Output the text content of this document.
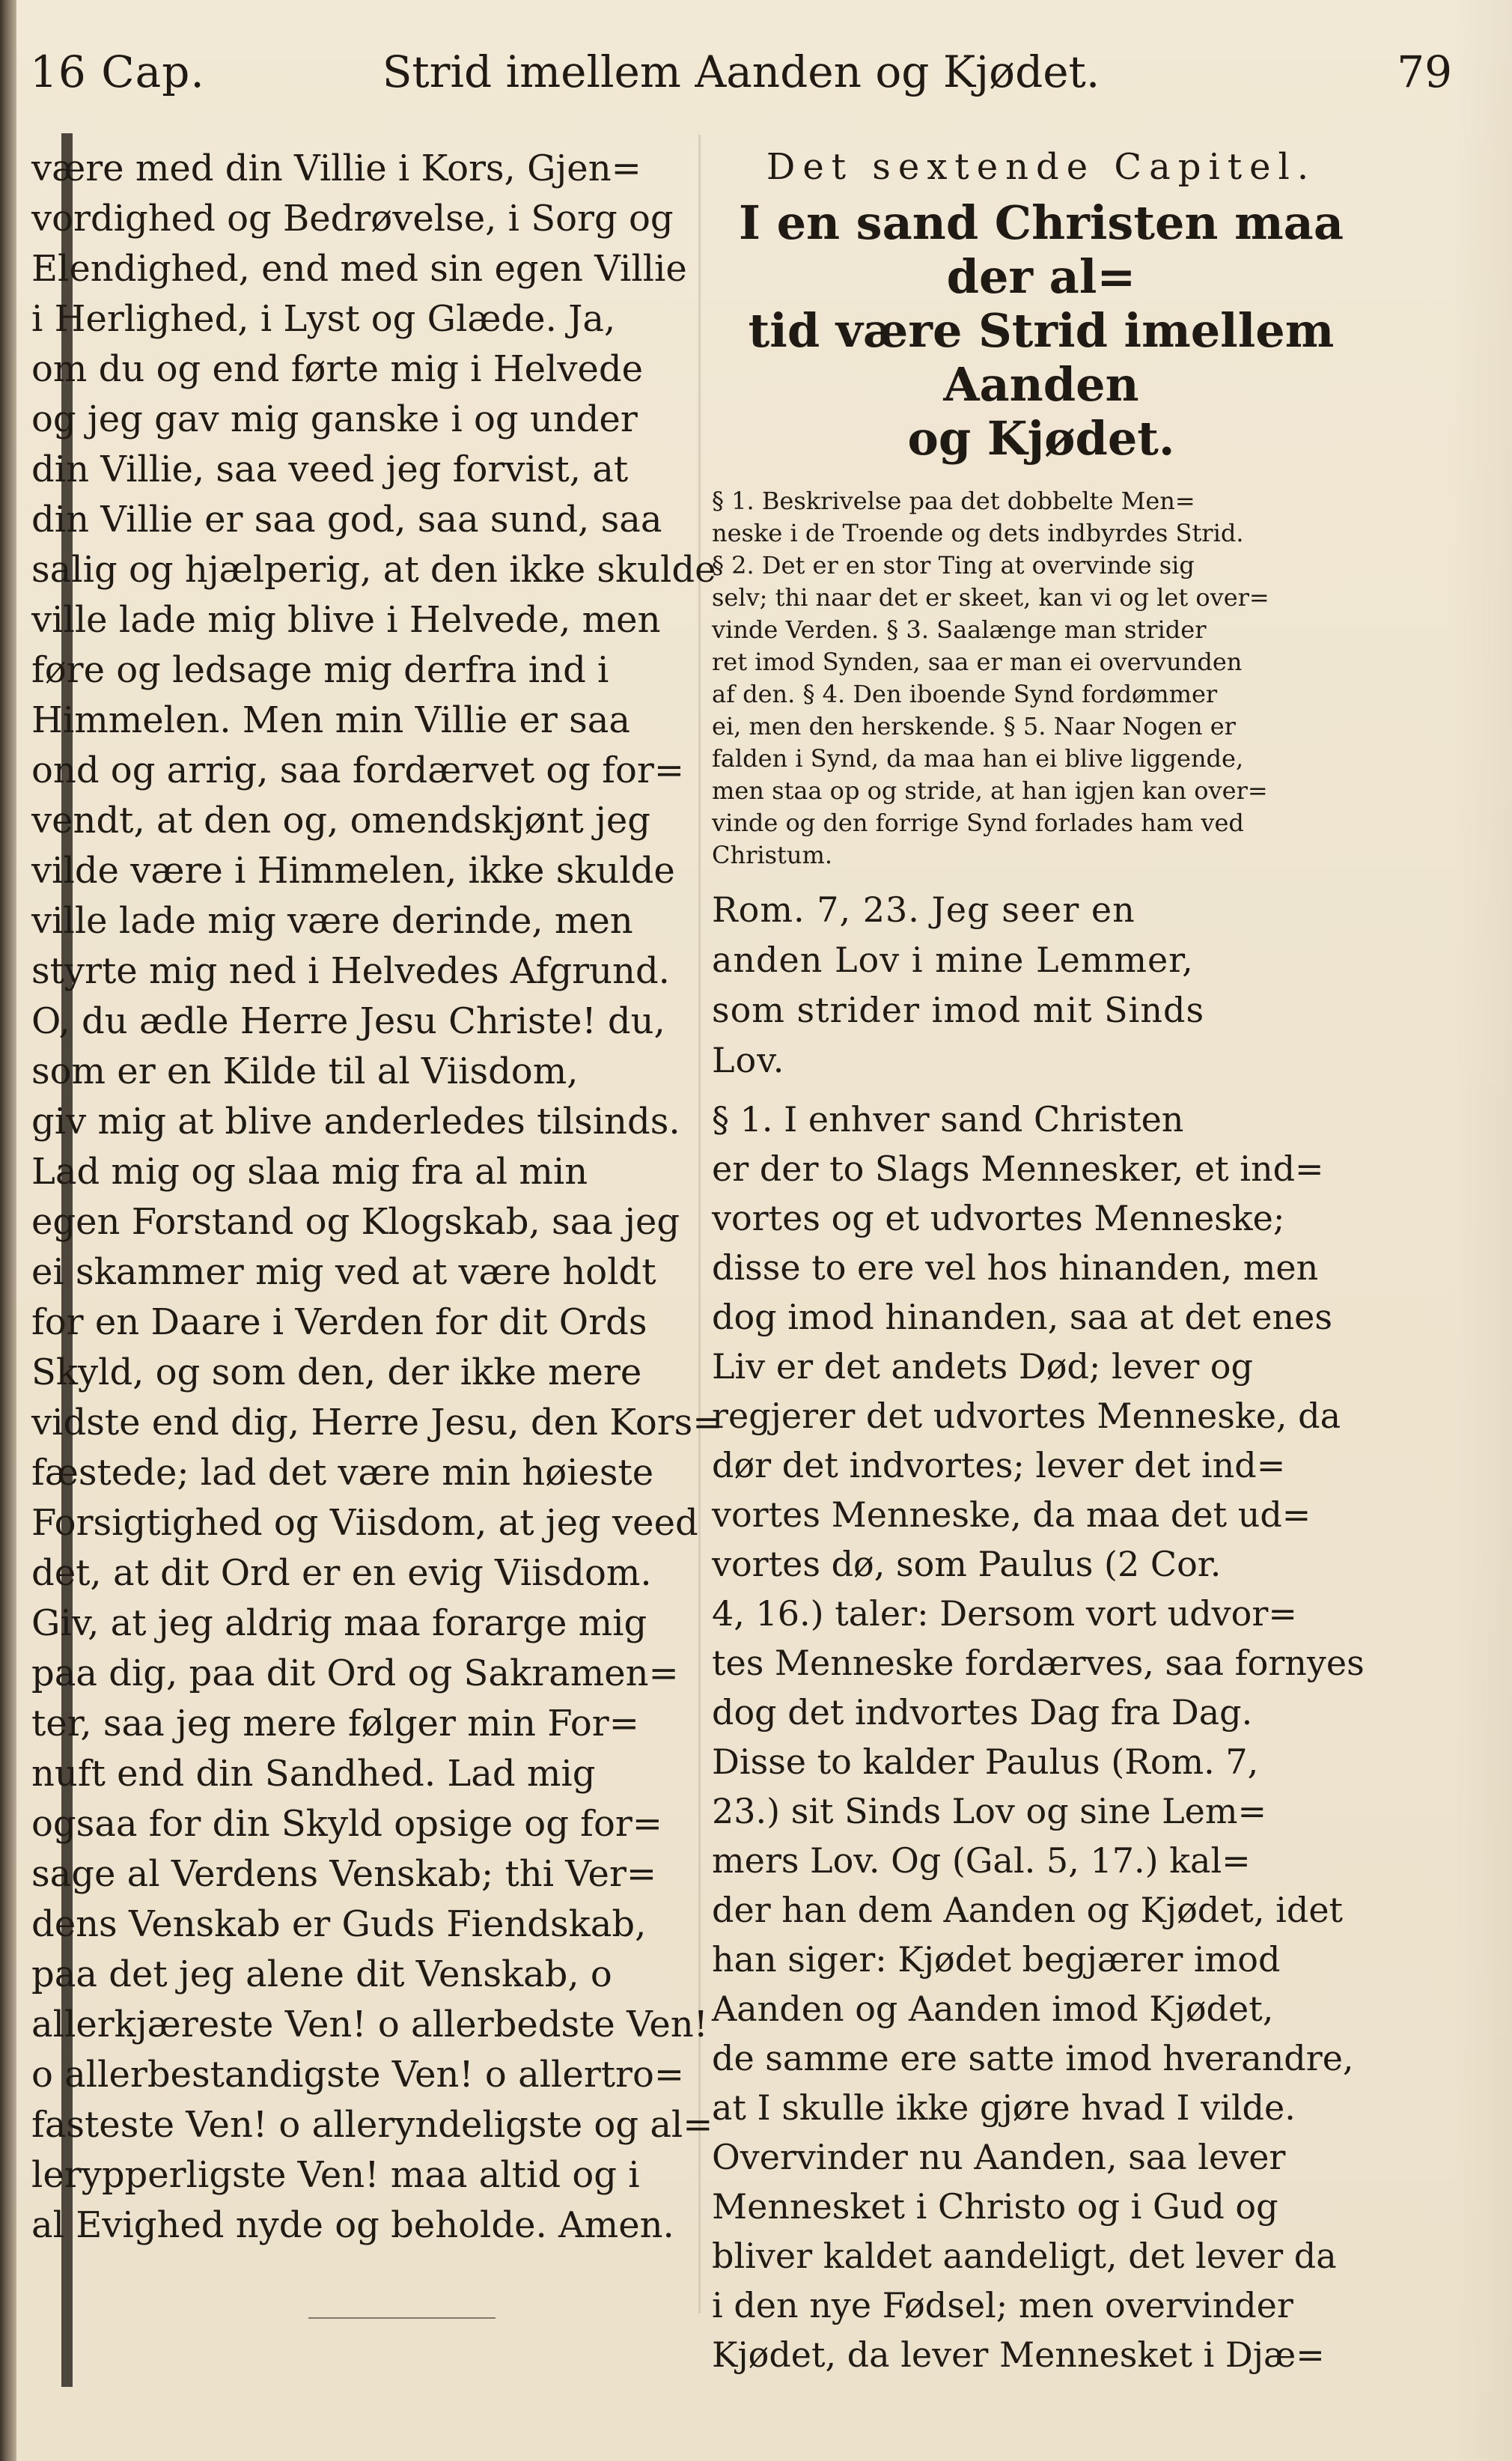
16 Cap.	Strid imellem Aanden og Kjødet.	79
være med din Villie i Kors, Gjen=
vordighed og Bedrøvelse, i Sorg og
Elendighed, end med sin egen Villie
i Herlighed, i Lyst og Glæde. Ja,
om du og end førte mig i Helvede
og jeg gav mig ganske i og under
din Villie, saa veed jeg forvist, at
din Villie er saa god, saa sund, saa
salig og hjælperig, at den ikke skulde
ville lade mig blive i Helvede, men
føre og ledsage mig derfra ind i
Himmelen. Men min Villie er saa
ond og arrig, saa fordærvet og for=
vendt, at den og, omendskjønt jeg
vilde være i Himmelen, ikke skulde
ville lade mig være derinde, men
styrte mig ned i Helvedes Afgrund.
O, du ædle Herre Jesu Christe! du,
som er en Kilde til al Viisdom,
giv mig at blive anderledes tilsinds.
Lad mig og slaa mig fra al min
egen Forstand og Klogskab, saa jeg
ei skammer mig ved at være holdt
for en Daare i Verden for dit Ords
Skyld, og som den, der ikke mere
vidste end dig, Herre Jesu, den Kors=
fæstede; lad det være min høieste
Forsigtighed og Viisdom, at jeg veed
det, at dit Ord er en evig Viisdom.
Giv, at jeg aldrig maa forarge mig
paa dig, paa dit Ord og Sakramen=
ter, saa jeg mere følger min For=
nuft end din Sandhed. Lad mig
ogsaa for din Skyld opsige og for=
sage al Verdens Venskab; thi Ver=
dens Venskab er Guds Fiendskab,
paa det jeg alene dit Venskab, o
allerkjæreste Ven! o allerbedste Ven!
o allerbestandigste Ven! o allertro=
fasteste Ven! o alleryndeligste og al=
lerypperligste Ven! maa altid og i
al Evighed nyde og beholde. Amen.
Det sextende Capitel.
I en sand Christen maa der al=
tid være Strid imellem Aanden
og Kjødet.
§ 1. Beskrivelse paa det dobbelte Men=
neske i de Troende og dets indbyrdes Strid.
§ 2. Det er en stor Ting at overvinde sig
selv; thi naar det er skeet, kan vi og let over=
vinde Verden. § 3. Saalænge man strider
ret imod Synden, saa er man ei overvunden
af den. § 4. Den iboende Synd fordømmer
ei, men den herskende. § 5. Naar Nogen er
falden i Synd, da maa han ei blive liggende,
men staa op og stride, at han igjen kan over=
vinde og den forrige Synd forlades ham ved
Christum.
Rom. 7, 23. Jeg seer en
anden Lov i mine Lemmer,
som strider imod mit Sinds
Lov.
§ 1. I enhver sand Christen
er der to Slags Mennesker, et ind=
vortes og et udvortes Menneske;
disse to ere vel hos hinanden, men
dog imod hinanden, saa at det enes
Liv er det andets Død; lever og
regjerer det udvortes Menneske, da
dør det indvortes; lever det ind=
vortes Menneske, da maa det ud=
vortes dø, som Paulus (2 Cor.
4, 16.) taler: Dersom vort udvor=
tes Menneske fordærves, saa fornyes
dog det indvortes Dag fra Dag.
Disse to kalder Paulus (Rom. 7,
23.) sit Sinds Lov og sine Lem=
mers Lov. Og (Gal. 5, 17.) kal=
der han dem Aanden og Kjødet, idet
han siger: Kjødet begjærer imod
Aanden og Aanden imod Kjødet,
de samme ere satte imod hverandre,
at I skulle ikke gjøre hvad I vilde.
Overvinder nu Aanden, saa lever
Mennesket i Christo og i Gud og
bliver kaldet aandeligt, det lever da
i den nye Fødsel; men overvinder
Kjødet, da lever Mennesket i Djæ=
